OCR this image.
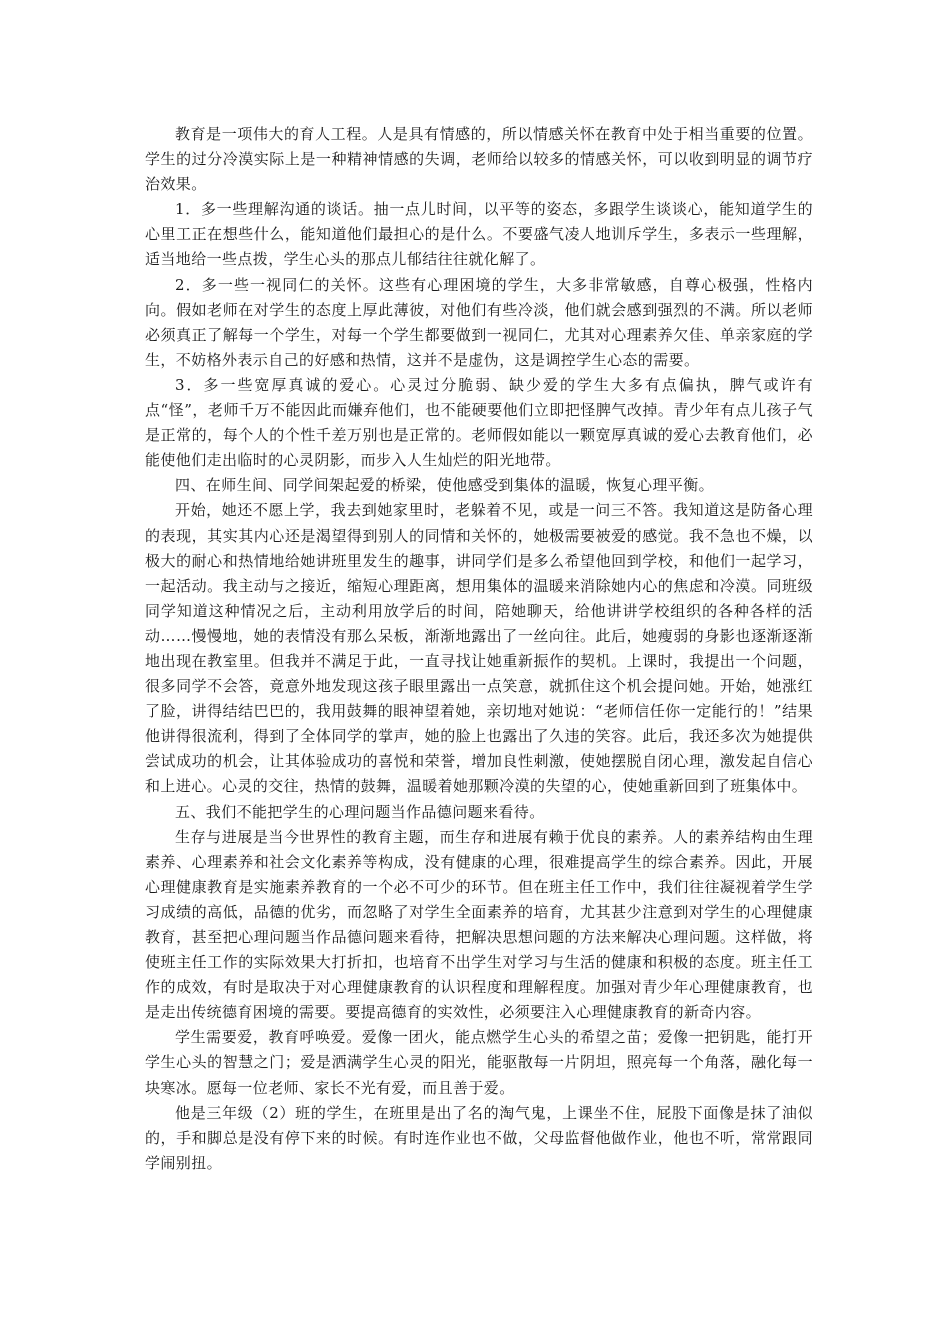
教育是一项伟大的育人工程。人是具有情感的，所以情感关怀在教育中处于相当重要的位置。学生的过分冷漠实际上是一种精神情感的失调，老师给以较多的情感关怀，可以收到明显的调节疗治效果。

1．多一些理解沟通的谈话。抽一点儿时间，以平等的姿态，多跟学生谈谈心，能知道学生的心里工正在想些什么，能知道他们最担心的是什么。不要盛气凌人地训斥学生，多表示一些理解，适当地给一些点拨，学生心头的那点儿郁结往往就化解了。

2．多一些一视同仁的关怀。这些有心理困境的学生，大多非常敏感，自尊心极强，性格内向。假如老师在对学生的态度上厚此薄彼，对他们有些冷淡，他们就会感到强烈的不满。所以老师必须真正了解每一个学生，对每一个学生都要做到一视同仁，尤其对心理素养欠佳、单亲家庭的学生，不妨格外表示自己的好感和热情，这并不是虚伪，这是调控学生心态的需要。

3．多一些宽厚真诚的爱心。心灵过分脆弱、缺少爱的学生大多有点偏执，脾气或许有点“怪”，老师千万不能因此而嫌弃他们，也不能硬要他们立即把怪脾气改掉。青少年有点儿孩子气是正常的，每个人的个性千差万别也是正常的。老师假如能以一颗宽厚真诚的爱心去教育他们，必能使他们走出临时的心灵阴影，而步入人生灿烂的阳光地带。

四、在师生间、同学间架起爱的桥梁，使他感受到集体的温暖，恢复心理平衡。

开始，她还不愿上学，我去到她家里时，老躲着不见，或是一问三不答。我知道这是防备心理的表现，其实其内心还是渴望得到别人的同情和关怀的，她极需要被爱的感觉。我不急也不燥，以极大的耐心和热情地给她讲班里发生的趣事，讲同学们是多么希望他回到学校，和他们一起学习，一起活动。我主动与之接近，缩短心理距离，想用集体的温暖来消除她内心的焦虑和冷漠。同班级同学知道这种情况之后，主动利用放学后的时间，陪她聊天，给他讲讲学校组织的各种各样的活动……慢慢地，她的表情没有那么呆板，渐渐地露出了一丝向往。此后，她瘦弱的身影也逐渐逐渐地出现在教室里。但我并不满足于此，一直寻找让她重新振作的契机。上课时，我提出一个问题，很多同学不会答，竟意外地发现这孩子眼里露出一点笑意，就抓住这个机会提问她。开始，她涨红了脸，讲得结结巴巴的，我用鼓舞的眼神望着她，亲切地对她说：“老师信任你一定能行的！”结果他讲得很流利，得到了全体同学的掌声，她的脸上也露出了久违的笑容。此后，我还多次为她提供尝试成功的机会，让其体验成功的喜悦和荣誉，增加良性刺激，使她摆脱自闭心理，激发起自信心和上进心。心灵的交往，热情的鼓舞，温暖着她那颗冷漠的失望的心，使她重新回到了班集体中。

五、我们不能把学生的心理问题当作品德问题来看待。

生存与进展是当今世界性的教育主题，而生存和进展有赖于优良的素养。人的素养结构由生理素养、心理素养和社会文化素养等构成，没有健康的心理，很难提高学生的综合素养。因此，开展心理健康教育是实施素养教育的一个必不可少的环节。但在班主任工作中，我们往往凝视着学生学习成绩的高低，品德的优劣，而忽略了对学生全面素养的培育，尤其甚少注意到对学生的心理健康教育，甚至把心理问题当作品德问题来看待，把解决思想问题的方法来解决心理问题。这样做，将使班主任工作的实际效果大打折扣，也培育不出学生对学习与生活的健康和积极的态度。班主任工作的成效，有时是取决于对心理健康教育的认识程度和理解程度。加强对青少年心理健康教育，也是走出传统德育困境的需要。要提高德育的实效性，必须要注入心理健康教育的新奇内容。

学生需要爱，教育呼唤爱。爱像一团火，能点燃学生心头的希望之苗；爱像一把钥匙，能打开学生心头的智慧之门；爱是洒满学生心灵的阳光，能驱散每一片阴坦，照亮每一个角落，融化每一块寒冰。愿每一位老师、家长不光有爱，而且善于爱。

他是三年级（2）班的学生，在班里是出了名的淘气鬼，上课坐不住，屁股下面像是抹了油似的，手和脚总是没有停下来的时候。有时连作业也不做，父母监督他做作业，他也不听，常常跟同学闹别扭。
